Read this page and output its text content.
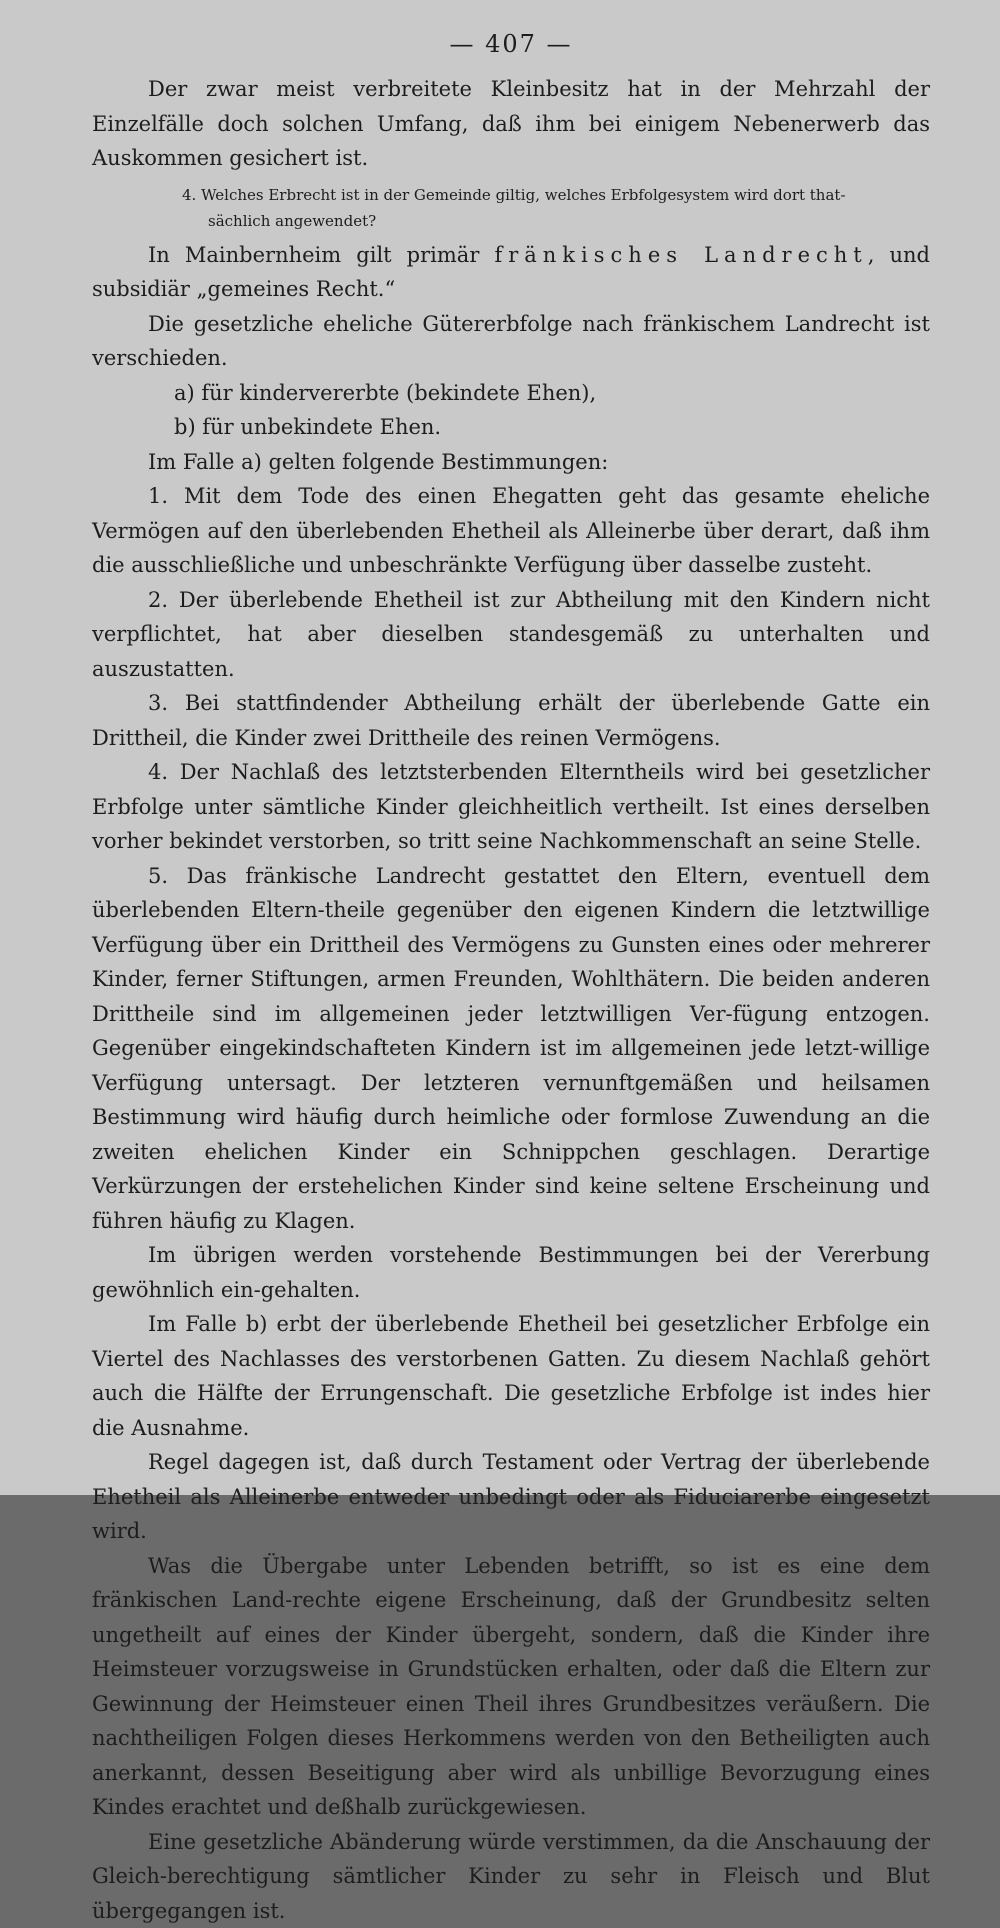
— 407 —

Der zwar meist verbreitete Kleinbesitz hat in der Mehrzahl der Einzelfälle doch solchen Umfang, daß ihm bei einigem Nebenerwerb das Auskommen gesichert ist.

4. Welches Erbrecht ist in der Gemeinde giltig, welches Erbfolgesystem wird dort that-
sächlich angewendet?

In Mainbernheim gilt primär fränkisches Landrecht, und subsidiär „gemeines Recht.“

Die gesetzliche eheliche Gütererbfolge nach fränkischem Landrecht ist verschieden.

a) für kindervererbte (bekindete Ehen),

b) für unbekindete Ehen.

Im Falle a) gelten folgende Bestimmungen:

1. Mit dem Tode des einen Ehegatten geht das gesamte eheliche Vermögen auf den überlebenden Ehetheil als Alleinerbe über derart, daß ihm die ausschließliche und unbeschränkte Verfügung über dasselbe zusteht.

2. Der überlebende Ehetheil ist zur Abtheilung mit den Kindern nicht verpflichtet, hat aber dieselben standesgemäß zu unterhalten und auszustatten.

3. Bei stattfindender Abtheilung erhält der überlebende Gatte ein Drittheil, die Kinder zwei Drittheile des reinen Vermögens.

4. Der Nachlaß des letztsterbenden Elterntheils wird bei gesetzlicher Erbfolge unter sämtliche Kinder gleichheitlich vertheilt. Ist eines derselben vorher bekindet verstorben, so tritt seine Nachkommenschaft an seine Stelle.

5. Das fränkische Landrecht gestattet den Eltern, eventuell dem überlebenden Eltern-theile gegenüber den eigenen Kindern die letztwillige Verfügung über ein Drittheil des Vermögens zu Gunsten eines oder mehrerer Kinder, ferner Stiftungen, armen Freunden, Wohlthätern. Die beiden anderen Drittheile sind im allgemeinen jeder letztwilligen Ver-fügung entzogen. Gegenüber eingekindschafteten Kindern ist im allgemeinen jede letzt-willige Verfügung untersagt. Der letzteren vernunftgemäßen und heilsamen Bestimmung wird häufig durch heimliche oder formlose Zuwendung an die zweiten ehelichen Kinder ein Schnippchen geschlagen. Derartige Verkürzungen der erstehelichen Kinder sind keine seltene Erscheinung und führen häufig zu Klagen.

Im übrigen werden vorstehende Bestimmungen bei der Vererbung gewöhnlich ein-gehalten.

Im Falle b) erbt der überlebende Ehetheil bei gesetzlicher Erbfolge ein Viertel des Nachlasses des verstorbenen Gatten. Zu diesem Nachlaß gehört auch die Hälfte der Errungenschaft. Die gesetzliche Erbfolge ist indes hier die Ausnahme.

Regel dagegen ist, daß durch Testament oder Vertrag der überlebende Ehetheil als Alleinerbe entweder unbedingt oder als Fiduciarerbe eingesetzt wird.

Was die Übergabe unter Lebenden betrifft, so ist es eine dem fränkischen Land-rechte eigene Erscheinung, daß der Grundbesitz selten ungetheilt auf eines der Kinder übergeht, sondern, daß die Kinder ihre Heimsteuer vorzugsweise in Grundstücken erhalten, oder daß die Eltern zur Gewinnung der Heimsteuer einen Theil ihres Grundbesitzes veräußern. Die nachtheiligen Folgen dieses Herkommens werden von den Betheiligten auch anerkannt, dessen Beseitigung aber wird als unbillige Bevorzugung eines Kindes erachtet und deßhalb zurückgewiesen.

Eine gesetzliche Abänderung würde verstimmen, da die Anschauung der Gleich-berechtigung sämtlicher Kinder zu sehr in Fleisch und Blut übergegangen ist.
